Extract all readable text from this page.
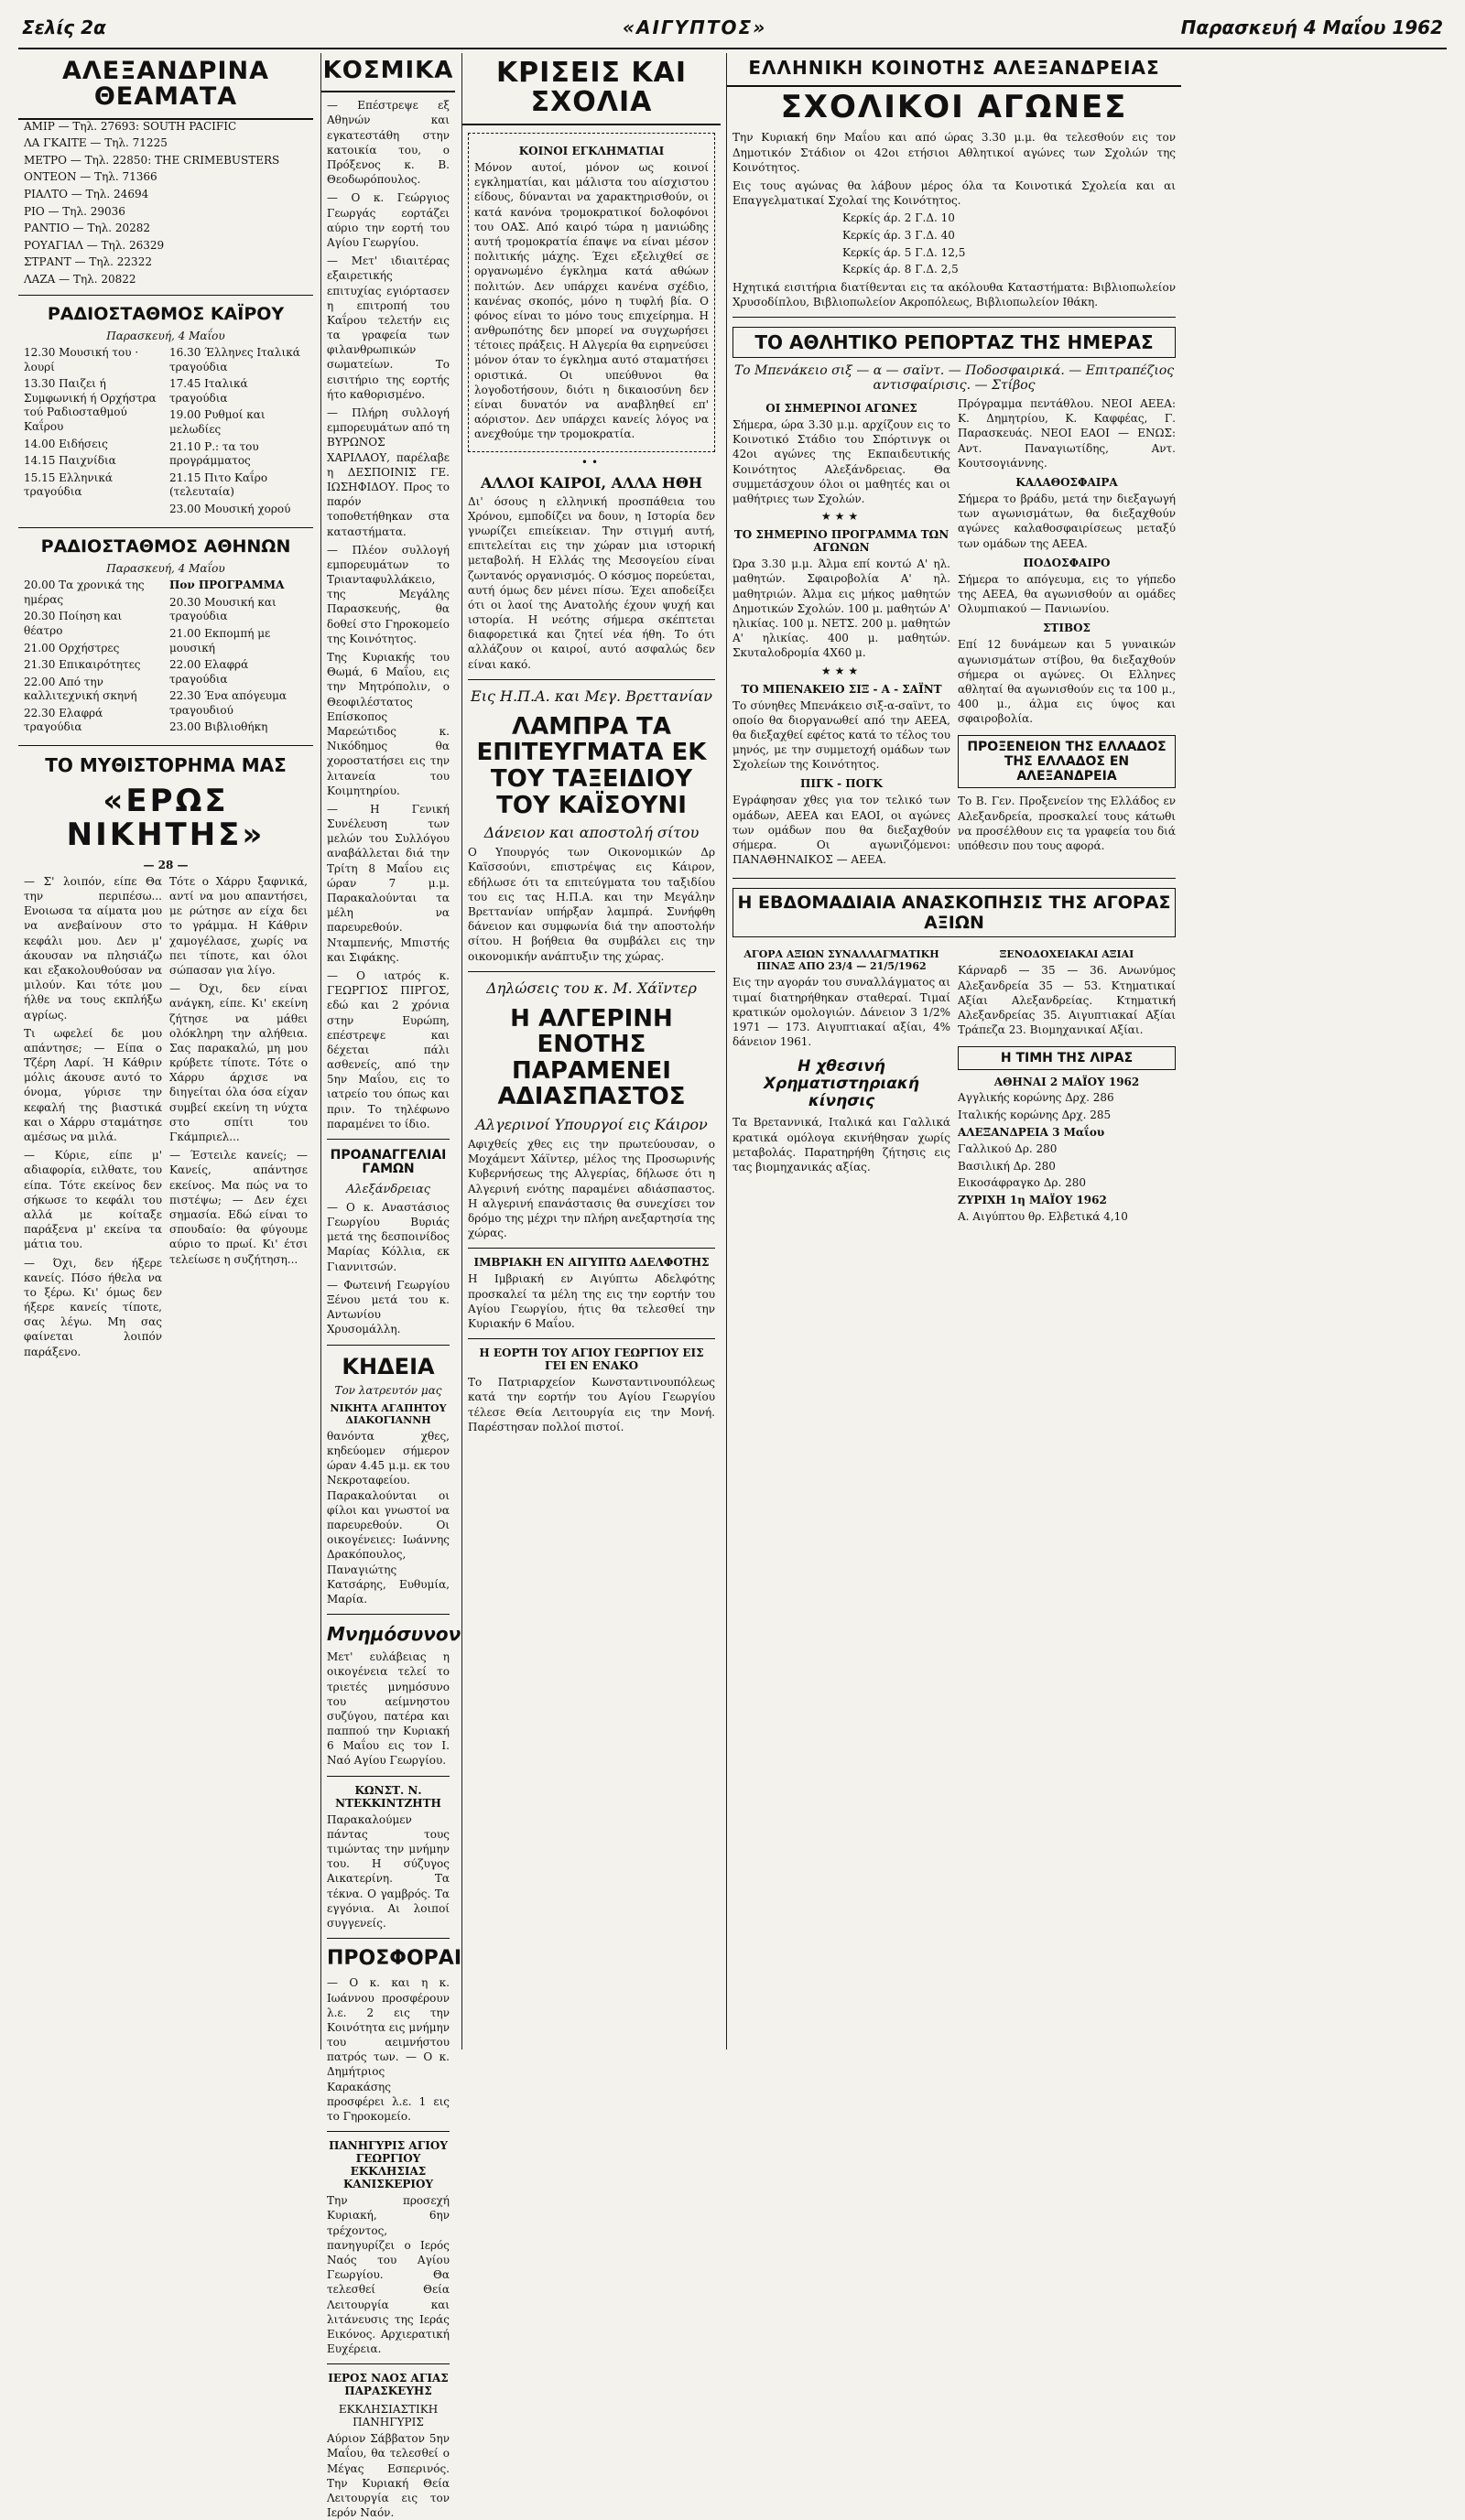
Σελίς 2α	«ΑΙΓΥΠΤΟΣ»	Παρασκευή 4 Μαΐου 1962
ΑΛΕΞΑΝΔΡΙΝΑ ΘΕΑΜΑΤΑ

ΑΜΙΡ — Τηλ. 27693: SOUTH PACIFIC

ΛΑ ΓΚΑΙΤΕ — Τηλ. 71225

ΜΕΤΡΟ — Τηλ. 22850: THE CRIMEBUSTERS

ΟΝΤΕΟΝ — Τηλ. 71366

ΡΙΑΛΤΟ — Τηλ. 24694

ΡΙΟ — Τηλ. 29036

ΡΑΝΤΙΟ — Τηλ. 20282

ΡΟΥΑΓΙΑΛ — Τηλ. 26329

ΣΤΡΑΝΤ — Τηλ. 22322

ΛΑΖΑ — Τηλ. 20822

ΡΑΔΙΟΣΤΑΘΜΟΣ ΚΑΪΡΟΥ

Παρασκευή, 4 Μαΐου

12.30 Μουσική του · λουρί

13.30 Παιζει ή Συμφωνική ή Ορχήστρα τού Ραδιοσταθμού Καΐρου

14.00 Ειδήσεις

14.15 Παιχνίδια

15.15 Ελληνικά τραγούδια

16.30 Έλληνες Ιταλικά τραγούδια

17.45 Ιταλικά τραγούδια

19.00 Ρυθμοί και μελωδίες

21.10 Ρ.: τα του προγράμματος

21.15 Πιτο Καΐρο (τελευταία)

23.00 Μουσική χορού

ΡΑΔΙΟΣΤΑΘΜΟΣ ΑΘΗΝΩΝ

Παρασκευή, 4 Μαΐου

20.00 Τα χρονικά της ημέρας

20.30 Ποίηση και θέατρο

21.00 Ορχήστρες

21.30 Επικαιρότητες

22.00 Από την καλλιτεχνική σκηνή

22.30 Ελαφρά τραγούδια

Πον ΠΡΟΓΡΑΜΜΑ

20.30 Μουσική και τραγούδια

21.00 Εκπομπή με μουσική

22.00 Ελαφρά τραγούδια

22.30 Ένα απόγευμα τραγουδιού

23.00 Βιβλιοθήκη

ΤΟ ΜΥΘΙΣΤΟΡΗΜΑ ΜΑΣ
«ΕΡΩΣ ΝΙΚΗΤΗΣ»
— 28 —

— Σ' λοιπόν, είπε Θα την περιπέσω... Ενοιωσα τα αίματα μου να ανεβαίνουν στο κεφάλι μου. Δεν μ' άκουσαν να πλησιάζω και εξακολουθούσαν να μιλούν. Και τότε μου ήλθε να τους εκπλήξω αγρίως.

Τι ωφελεί δε μου απάντησε; — Είπα ο Τζέρη Λαρί. Ή Κάθριν μόλις άκουσε αυτό το όνομα, γύρισε την κεφαλή της βιαστικά και ο Χάρρυ σταμάτησε αμέσως να μιλά.

— Κύριε, είπε μ' αδιαφορία, ειλθατε, του είπα. Τότε εκείνος δεν σήκωσε το κεφάλι του αλλά με κοίταξε παράξενα μ' εκείνα τα μάτια του.

— Όχι, δεν ήξερε κανείς. Πόσο ήθελα να το ξέρω. Κι' όμως δεν ήξερε κανείς τίποτε, σας λέγω. Μη σας φαίνεται λοιπόν παράξενο.

Τότε ο Χάρρυ ξαφνικά, αντί να μου απαντήσει, με ρώτησε αν είχα δει το γράμμα. Η Κάθριν χαμογέλασε, χωρίς να πει τίποτε, και όλοι σώπασαν για λίγο.

— Όχι, δεν είναι ανάγκη, είπε. Κι' εκείνη ζήτησε να μάθει ολόκληρη την αλήθεια. Σας παρακαλώ, μη μου κρύβετε τίποτε. Τότε ο Χάρρυ άρχισε να διηγείται όλα όσα είχαν συμβεί εκείνη τη νύχτα στο σπίτι του Γκάμπριελ...

— Έστειλε κανείς; — Κανείς, απάντησε εκείνος. Μα πώς να το πιστέψω; — Δεν έχει σημασία. Εδώ είναι το σπουδαίο: θα φύγουμε αύριο το πρωί. Κι' έτσι τελείωσε η συζήτηση...

ΚΟΣΜΙΚΑ

— Επέστρεψε εξ Αθηνών και εγκατεστάθη στην κατοικία του, ο Πρόξενος κ. Β. Θεοδωρόπουλος.

— Ο κ. Γεώργιος Γεωργάς εορτάζει αύριο την εορτή του Αγίου Γεωργίου.

— Μετ' ιδιαιτέρας εξαιρετικής επιτυχίας εγιόρτασεν η επιτροπή του Καΐρου τελετήν εις τα γραφεία των φιλανθρωπικών σωματείων. Το εισιτήριο της εορτής ήτο καθορισμένο.

— Πλήρη συλλογή εμπορευμάτων από τη ΒΥΡΩΝΟΣ ΧΑΡΙΛΑΟΥ, παρέλαβε η ΔΕΣΠΟΙΝΙΣ ΓΕ. ΙΩΣΗΦΙΔΟΥ. Προς το παρόν τοποθετήθηκαν στα καταστήματα.

— Πλέον συλλογή εμπορευμάτων το Τριανταφυλλάκειο, της Μεγάλης Παρασκευής, θα δοθεί στο Γηροκομείο της Κοινότητος.

Της Κυριακής του Θωμά, 6 Μαΐου, εις την Μητρόπολιν, ο Θεοφιλέστατος Επίσκοπος Μαρεώτιδος κ. Νικόδημος θα χοροστατήσει εις την λιτανεία του Κοιμητηρίου.

— Η Γενική Συνέλευση των μελών του Συλλόγου αναβάλλεται διά την Τρίτη 8 Μαΐου εις ώραν 7 μ.μ. Παρακαλούνται τα μέλη να παρευρεθούν. Νταμπενής, Μπιστής και Σιφάκης.

— Ο ιατρός κ. ΓΕΩΡΓΙΟΣ ΠΙΡΓΟΣ, εδώ και 2 χρόνια στην Ευρώπη, επέστρεψε και δέχεται πάλι ασθενείς, από την 5ην Μαΐου, εις το ιατρείο του όπως και πριν. Το τηλέφωνο παραμένει το ίδιο.

ΠΡΟΑΝΑΓΓΕΛΙΑΙ ΓΑΜΩΝ
Αλεξάνδρειας

— Ο κ. Αναστάσιος Γεωργίου Βυριάς μετά της δεσποινίδος Μαρίας Κόλλια, εκ Γιαννιτσών.

— Φωτεινή Γεωργίου Ξένου μετά του κ. Αντωνίου Χρυσομάλλη.

ΚΗΔΕΙΑ
Τον λατρευτόν μας
ΝΙΚΗΤΑ ΑΓΑΠΗΤΟΥ ΔΙΑΚΟΓΙΑΝΝΗ

θανόντα χθες, κηδεύομεν σήμερον ώραν 4.45 μ.μ. εκ του Νεκροταφείου. Παρακαλούνται οι φίλοι και γνωστοί να παρευρεθούν. Οι οικογένειες: Ιωάννης Δρακόπουλος, Παναγιώτης Κατσάρης, Ευθυμία, Μαρία.

Μνημόσυνον

Μετ' ευλάβειας η οικογένεια τελεί το τριετές μνημόσυνο του αείμνηστου συζύγου, πατέρα και παππού την Κυριακή 6 Μαΐου εις τον Ι. Ναό Αγίου Γεωργίου.

ΚΩΝΣΤ. Ν. ΝΤΕΚΚΙΝΤΖΗΤΗ

Παρακαλούμεν πάντας τους τιμώντας την μνήμην του. Η σύζυγος Αικατερίνη. Τα τέκνα. Ο γαμβρός. Τα εγγόνια. Αι λοιποί συγγενείς.

ΠΡΟΣΦΟΡΑΙ

— Ο κ. και η κ. Ιωάννου προσφέρουν λ.ε. 2 εις την Κοινότητα εις μνήμην του αειμνήστου πατρός των. — Ο κ. Δημήτριος Καρακάσης προσφέρει λ.ε. 1 εις το Γηροκομείο.

ΠΑΝΗΓΥΡΙΣ ΑΓΙΟΥ ΓΕΩΡΓΙΟΥ ΕΚΚΛΗΣΙΑΣ ΚΑΝΙΣΚΕΡΙΟΥ

Την προσεχή Κυριακή, 6ην τρέχοντος, πανηγυρίζει ο Ιερός Ναός του Αγίου Γεωργίου. Θα τελεσθεί Θεία Λειτουργία και λιτάνευσις της Ιεράς Εικόνος. Αρχιερατική Ευχέρεια.

ΙΕΡΟΣ ΝΑΟΣ ΑΓΙΑΣ ΠΑΡΑΣΚΕΥΗΣ
ΕΚΚΛΗΣΙΑΣΤΙΚΗ ΠΑΝΗΓΥΡΙΣ

Αύριον Σάββατον 5ην Μαΐου, θα τελεσθεί ο Μέγας Εσπερινός. Την Κυριακή Θεία Λειτουργία εις τον Ιερόν Ναόν.

ΚΡΙΣΕΙΣ ΚΑΙ ΣΧΟΛΙΑ
ΚΟΙΝΟΙ ΕΓΚΛΗΜΑΤΙΑΙ

Μόνον αυτοί, μόνον ως κοινοί εγκληματίαι, και μάλιστα του αίσχιστου είδους, δύνανται να χαρακτηρισθούν, οι κατά κανόνα τρομοκρατικοί δολοφόνοι του ΟΑΣ. Από καιρό τώρα η μανιώδης αυτή τρομοκρατία έπαψε να είναι μέσον πολιτικής μάχης. Έχει εξελιχθεί σε οργανωμένο έγκλημα κατά αθώων πολιτών. Δεν υπάρχει κανένα σχέδιο, κανένας σκοπός, μόνο η τυφλή βία. Ο φόνος είναι το μόνο τους επιχείρημα. Η ανθρωπότης δεν μπορεί να συγχωρήσει τέτοιες πράξεις. Η Αλγερία θα ειρηνεύσει μόνον όταν το έγκλημα αυτό σταματήσει οριστικά. Οι υπεύθυνοι θα λογοδοτήσουν, διότι η δικαιοσύνη δεν είναι δυνατόν να αναβληθεί επ' αόριστον. Δεν υπάρχει κανείς λόγος να ανεχθούμε την τρομοκρατία.

••
ΑΛΛΟΙ ΚΑΙΡΟΙ, ΑΛΛΑ ΗΘΗ

Δι' όσους η ελληνική προσπάθεια του Χρόνου, εμποδίζει να δουν, η Ιστορία δεν γνωρίζει επιείκειαν. Την στιγμή αυτή, επιτελείται εις την χώραν μια ιστορική μεταβολή. Η Ελλάς της Μεσογείου είναι ζωντανός οργανισμός. Ο κόσμος πορεύεται, αυτή όμως δεν μένει πίσω. Έχει αποδείξει ότι οι λαοί της Ανατολής έχουν ψυχή και ιστορία. Η νεότης σήμερα σκέπτεται διαφορετικά και ζητεί νέα ήθη. Το ότι αλλάζουν οι καιροί, αυτό ασφαλώς δεν είναι κακό.

Εις Η.Π.Α. και Μεγ. Βρεττανίαν
ΛΑΜΠΡΑ ΤΑ ΕΠΙΤΕΥΓΜΑΤΑ ΕΚ ΤΟΥ ΤΑΞΕΙΔΙΟΥ ΤΟΥ ΚΑΪΣΟΥΝΙ
Δάνειον και αποστολή σίτου

Ο Υπουργός των Οικονομικών Δρ Καϊσσούνι, επιστρέψας εις Κάιρον, εδήλωσε ότι τα επιτεύγματα του ταξιδίου του εις τας Η.Π.Α. και την Μεγάλην Βρεττανίαν υπήρξαν λαμπρά. Συνήφθη δάνειον και συμφωνία διά την αποστολήν σίτου. Η βοήθεια θα συμβάλει εις την οικονομικήν ανάπτυξιν της χώρας.

Δηλώσεις του κ. Μ. Χάϊντερ
Η ΑΛΓΕΡΙΝΗ ΕΝΟΤΗΣ ΠΑΡΑΜΕΝΕΙ ΑΔΙΑΣΠΑΣΤΟΣ
Αλγερινοί Υπουργοί εις Κάιρον

Αφιχθείς χθες εις την πρωτεύουσαν, ο Μοχάμεντ Χάϊντερ, μέλος της Προσωρινής Κυβερνήσεως της Αλγερίας, δήλωσε ότι η Αλγερινή ενότης παραμένει αδιάσπαστος. Η αλγερινή επανάστασις θα συνεχίσει τον δρόμο της μέχρι την πλήρη ανεξαρτησία της χώρας.

ΙΜΒΡΙΑΚΗ ΕΝ ΑΙΓΥΠΤΩ ΑΔΕΛΦΟΤΗΣ

Η Ιμβριακή εν Αιγύπτω Αδελφότης προσκαλεί τα μέλη της εις την εορτήν του Αγίου Γεωργίου, ήτις θα τελεσθεί την Κυριακήν 6 Μαΐου.

Η ΕΟΡΤΗ ΤΟΥ ΑΓΙΟΥ ΓΕΩΡΓΙΟΥ ΕΙΣ ΓΕΙ ΕΝ ΕΝΑΚΟ

Το Πατριαρχείον Κωνσταντινουπόλεως κατά την εορτήν του Αγίου Γεωργίου τέλεσε Θεία Λειτουργία εις την Μονή. Παρέστησαν πολλοί πιστοί.

ΕΛΛΗΝΙΚΗ ΚΟΙΝΟΤΗΣ ΑΛΕΞΑΝΔΡΕΙΑΣ
ΣΧΟΛΙΚΟΙ ΑΓΩΝΕΣ

Την Κυριακή 6ην Μαΐου και από ώρας 3.30 μ.μ. θα τελεσθούν εις τον Δημοτικόν Στάδιον οι 42οι ετήσιοι Αθλητικοί αγώνες των Σχολών της Κοινότητος.

Εις τους αγώνας θα λάβουν μέρος όλα τα Κοινοτικά Σχολεία και αι Επαγγελματικαί Σχολαί της Κοινότητος.

Κερκίς άρ. 2 Γ.Δ. 10

Κερκίς άρ. 3 Γ.Δ. 40

Κερκίς άρ. 5 Γ.Δ. 12,5

Κερκίς άρ. 8 Γ.Δ. 2,5

Ηχητικά εισιτήρια διατίθενται εις τα ακόλουθα Καταστήματα: Βιβλιοπωλείον Χρυσοδίπλου, Βιβλιοπωλείον Ακροπόλεως, Βιβλιοπωλείον Ιθάκη.

ΤΟ ΑΘΛΗΤΙΚΟ ΡΕΠΟΡΤΑΖ ΤΗΣ ΗΜΕΡΑΣ
Το Μπενάκειο σιξ — α — σαϊντ. — Ποδοσφαιρικά. — Επιτραπέζιος αντισφαίρισις. — Στίβος
ΟΙ ΣΗΜΕΡΙΝΟΙ ΑΓΩΝΕΣ

Σήμερα, ώρα 3.30 μ.μ. αρχίζουν εις το Κοινοτικό Στάδιο του Σπόρτινγκ οι 42οι αγώνες της Εκπαιδευτικής Κοινότητος Αλεξάνδρειας. Θα συμμετάσχουν όλοι οι μαθητές και οι μαθήτριες των Σχολών.

★★★
ΤΟ ΣΗΜΕΡΙΝΟ ΠΡΟΓΡΑΜΜΑ ΤΩΝ ΑΓΩΝΩΝ

Ώρα 3.30 μ.μ. Άλμα επί κοντώ Α' ηλ. μαθητών. Σφαιροβολία Α' ηλ. μαθητριών. Άλμα εις μήκος μαθητών Δημοτικών Σχολών. 100 μ. μαθητών Α' ηλικίας. 100 μ. ΝΕΤΣ. 200 μ. μαθητών Α' ηλικίας. 400 μ. μαθητών. Σκυταλοδρομία 4Χ60 μ.

★★★
ΤΟ ΜΠΕΝΑΚΕΙΟ ΣΙΞ - Α - ΣΑΪΝΤ

Το σύνηθες Μπενάκειο σιξ-α-σαϊντ, το οποίο θα διοργανωθεί από την ΑΕΕΑ, θα διεξαχθεί εφέτος κατά το τέλος του μηνός, με την συμμετοχή ομάδων των Σχολείων της Κοινότητος.

ΠΙΓΚ - ΠΟΓΚ

Εγράφησαν χθες για τον τελικό των ομάδων, ΑΕΕΑ και ΕΑΟΙ, οι αγώνες των ομάδων που θα διεξαχθούν σήμερα. Οι αγωνιζόμενοι: ΠΑΝΑΘΗΝΑΙΚΟΣ — ΑΕΕΑ.

Πρόγραμμα πεντάθλου. ΝΕΟΙ ΑΕΕΑ: Κ. Δημητρίου, Κ. Καφφέας, Γ. Παρασκευάς. ΝΕΟΙ ΕΑΟΙ — ΕΝΩΣ: Αντ. Παναγιωτίδης, Αντ. Κουτσογιάννης.

ΚΑΛΑΘΟΣΦΑΙΡΑ

Σήμερα το βράδυ, μετά την διεξαγωγή των αγωνισμάτων, θα διεξαχθούν αγώνες καλαθοσφαιρίσεως μεταξύ των ομάδων της ΑΕΕΑ.

ΠΟΔΟΣΦΑΙΡΟ

Σήμερα το απόγευμα, εις το γήπεδο της ΑΕΕΑ, θα αγωνισθούν αι ομάδες Ολυμπιακού — Πανιωνίου.

ΣΤΙΒΟΣ

Επί 12 δυνάμεων και 5 γυναικών αγωνισμάτων στίβου, θα διεξαχθούν σήμερα οι αγώνες. Οι Ελληνες αθληταί θα αγωνισθούν εις τα 100 μ., 400 μ., άλμα εις ύψος και σφαιροβολία.

ΠΡΟΞΕΝΕΙΟΝ ΤΗΣ ΕΛΛΑΔΟΣ ΤΗΣ ΕΛΛΑΔΟΣ ΕΝ ΑΛΕΞΑΝΔΡΕΙΑ

Το Β. Γεν. Προξενείον της Ελλάδος εν Αλεξανδρεία, προσκαλεί τους κάτωθι να προσέλθουν εις τα γραφεία του διά υπόθεσιν που τους αφορά.

Η ΕΒΔΟΜΑΔΙΑΙΑ ΑΝΑΣΚΟΠΗΣΙΣ ΤΗΣ ΑΓΟΡΑΣ ΑΞΙΩΝ
ΑΓΟΡΑ ΑΞΙΩΝ ΣΥΝΑΛΛΑΓΜΑΤΙΚΗ ΠΙΝΑΞ ΑΠΟ 23/4 — 21/5/1962

Εις την αγοράν του συναλλάγματος αι τιμαί διατηρήθηκαν σταθεραί. Τιμαί κρατικών ομολογιών. Δάνειον 3 1/2% 1971 — 173. Αιγυπτιακαί αξίαι, 4% δάνειον 1961.

Η χθεσινή Χρηματιστηριακή κίνησις

Τα Βρεταννικά, Ιταλικά και Γαλλικά κρατικά ομόλογα εκινήθησαν χωρίς μεταβολάς. Παρατηρήθη ζήτησις εις τας βιομηχανικάς αξίας.

ΞΕΝΟΔΟΧΕΙΑΚΑΙ ΑΞΙΑΙ

Κάρναρδ — 35 — 36. Ανωνύμος Αλεξανδρεία 35 — 53. Κτηματικαί Αξίαι Αλεξανδρείας. Κτηματική Αλεξανδρείας 35. Αιγυπτιακαί Αξίαι Τράπεζα 23. Βιομηχανικαί Αξίαι.

Η ΤΙΜΗ ΤΗΣ ΛΙΡΑΣ
ΑΘΗΝΑΙ 2 ΜΑΪΟΥ 1962

Αγγλικής κορώνης Δρχ. 286

Ιταλικής κορώνης Δρχ. 285

ΑΛΕΞΑΝΔΡΕΙΑ 3 Μαΐου

Γαλλικού Δρ. 280

Βασιλική Δρ. 280

Εικοσάφραγκο Δρ. 280

ΖΥΡΙΧΗ 1η ΜΑΪΟΥ 1962

Α. Αιγύπτου θρ. Ελβετικά 4,10
